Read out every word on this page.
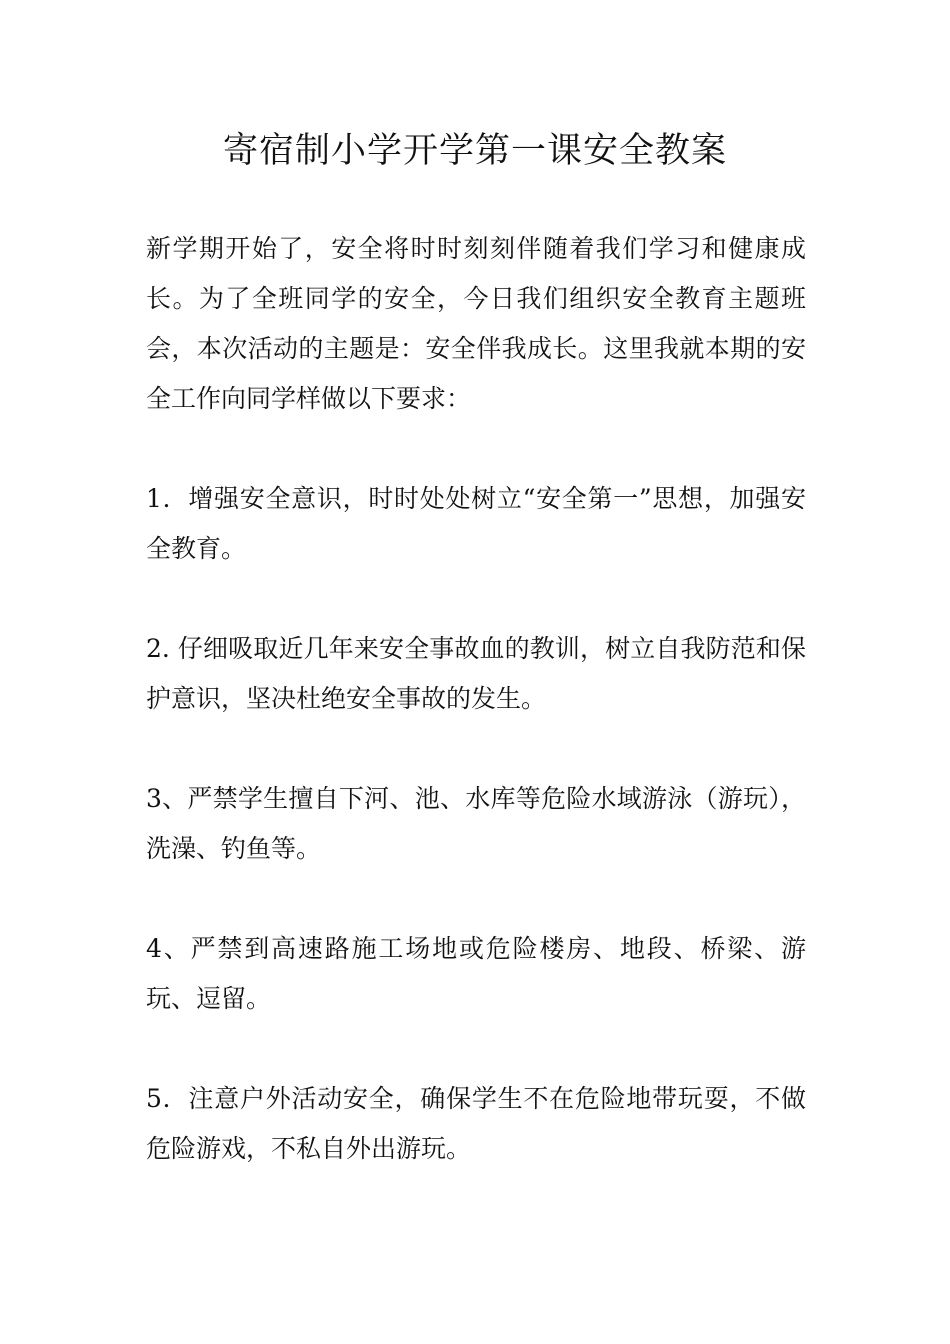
寄宿制小学开学第一课安全教案

新学期开始了，安全将时时刻刻伴随着我们学习和健康成长。为了全班同学的安全，今日我们组织安全教育主题班会，本次活动的主题是：安全伴我成长。这里我就本期的安全工作向同学样做以下要求：

1．增强安全意识，时时处处树立“安全第一”思想，加强安全教育。

2. 仔细吸取近几年来安全事故血的教训，树立自我防范和保护意识，坚决杜绝安全事故的发生。

3、严禁学生擅自下河、池、水库等危险水域游泳（游玩），洗澡、钓鱼等。

4、严禁到高速路施工场地或危险楼房、地段、桥梁、游玩、逗留。

5．注意户外活动安全，确保学生不在危险地带玩耍，不做危险游戏，不私自外出游玩。
